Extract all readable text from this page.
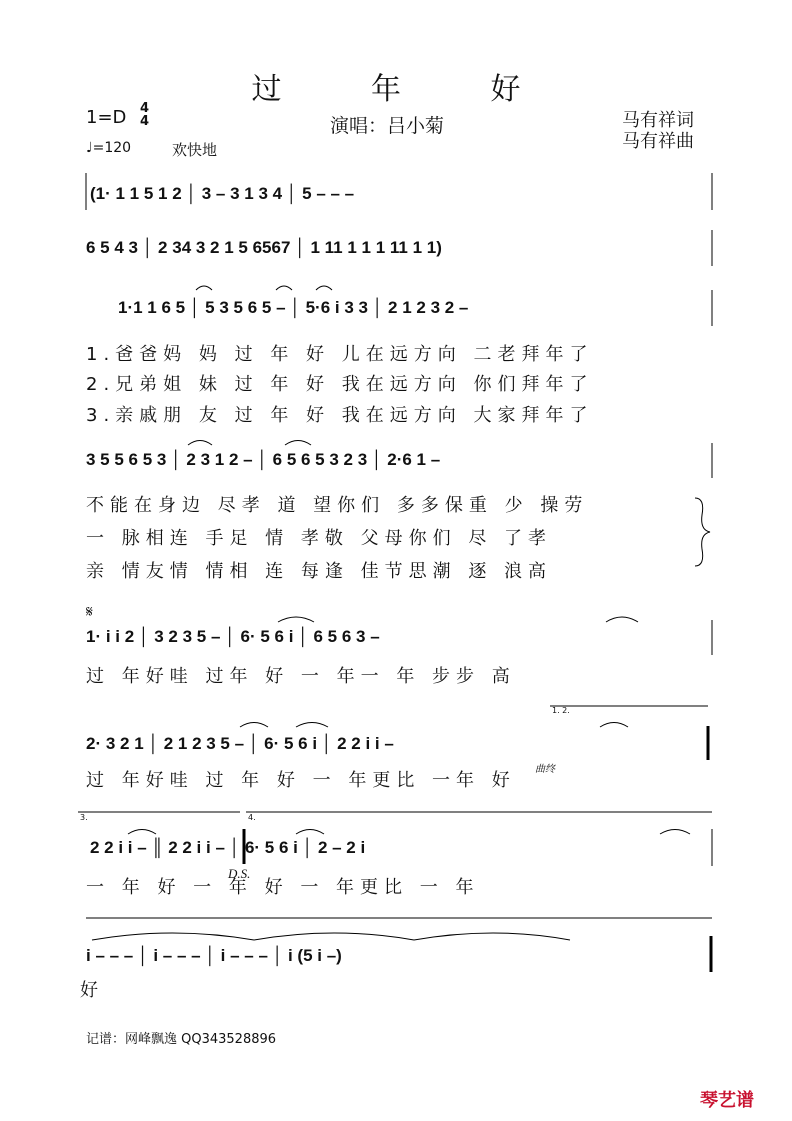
过 年 好
1=D 4
4
♩=120	欢快地
演唱：吕小菊	马有祥词
马有祥曲
(1· 1 1 5 1 2 │ 3 – 3 1 3 4 │ 5 – – –
6 5 4 3 │ 2 34 3 2 1 5 6567 │ 1 11 1 1 1 11 1 1)
1·1 1 6 5 │ 5 3 5 6 5 – │ 5·6 i 3 3 │ 2 1 2 3 2 –
1.爸爸妈 妈 过 年 好 儿在远方向 二老拜年了
2.兄弟姐 妹 过 年 好 我在远方向 你们拜年了
3.亲戚朋 友 过 年 好 我在远方向 大家拜年了
3 5 5 6 5 3 │ 2 3 1 2 – │ 6 5 6 5 3 2 3 │ 2·6 1 –
不能在身边 尽孝 道 望你们 多多保重 少 操劳
一 脉相连 手足 情 孝敬 父母你们 尽 了孝
亲 情友情 情相 连 每逢 佳节思潮 逐 浪高
𝄋
1· i i 2 │ 3 2 3 5 – │ 6· 5 6 i │ 6 5 6 3 –
过 年好哇 过年 好 一 年一 年 步步 高
1. 2.
2· 3 2 1 │ 2 1 2 3 5 – │ 6· 5 6 i │ 2 2 i i –
过 年好哇 过 年 好 一 年更比 一年 好
曲终
3.	4.
2 2 i i – ║ 2 2 i i – │ 6· 5 6 i │ 2 – 2 i
一 年 好 一 年 好 一 年更比 一 年
D.S.
i – – – │ i – – – │ i – – – │ i (5 i –)
好
记谱：网峰飘逸 QQ343528896
琴艺谱
